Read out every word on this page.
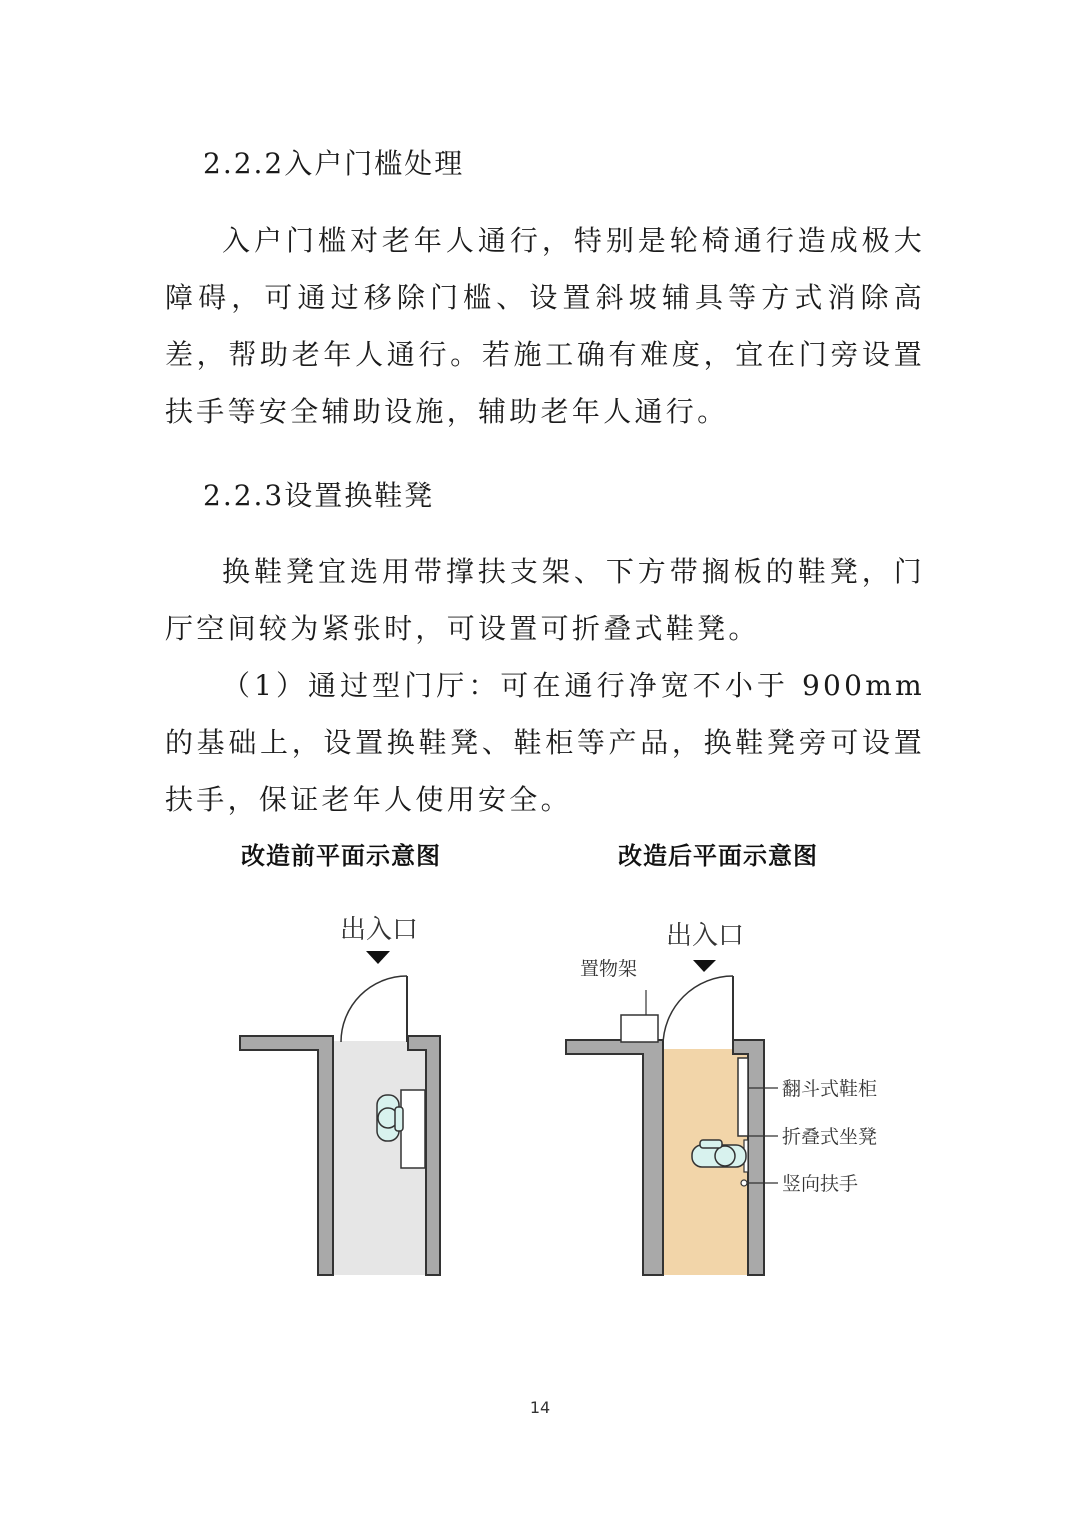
2.2.2入户门槛处理

入户门槛对老年人通行，特别是轮椅通行造成极大障碍，可通过移除门槛、设置斜坡辅具等方式消除高差，帮助老年人通行。若施工确有难度，宜在门旁设置扶手等安全辅助设施，辅助老年人通行。

2.2.3设置换鞋凳

换鞋凳宜选用带撑扶支架、下方带搁板的鞋凳，门厅空间较为紧张时，可设置可折叠式鞋凳。

（1）通过型门厅：可在通行净宽不小于 900mm 的基础上，设置换鞋凳、鞋柜等产品，换鞋凳旁可设置扶手，保证老年人使用安全。

改造前平面示意图	改造后平面示意图
出入口
置物架
出入口
翻斗式鞋柜
折叠式坐凳
竖向扶手
14
